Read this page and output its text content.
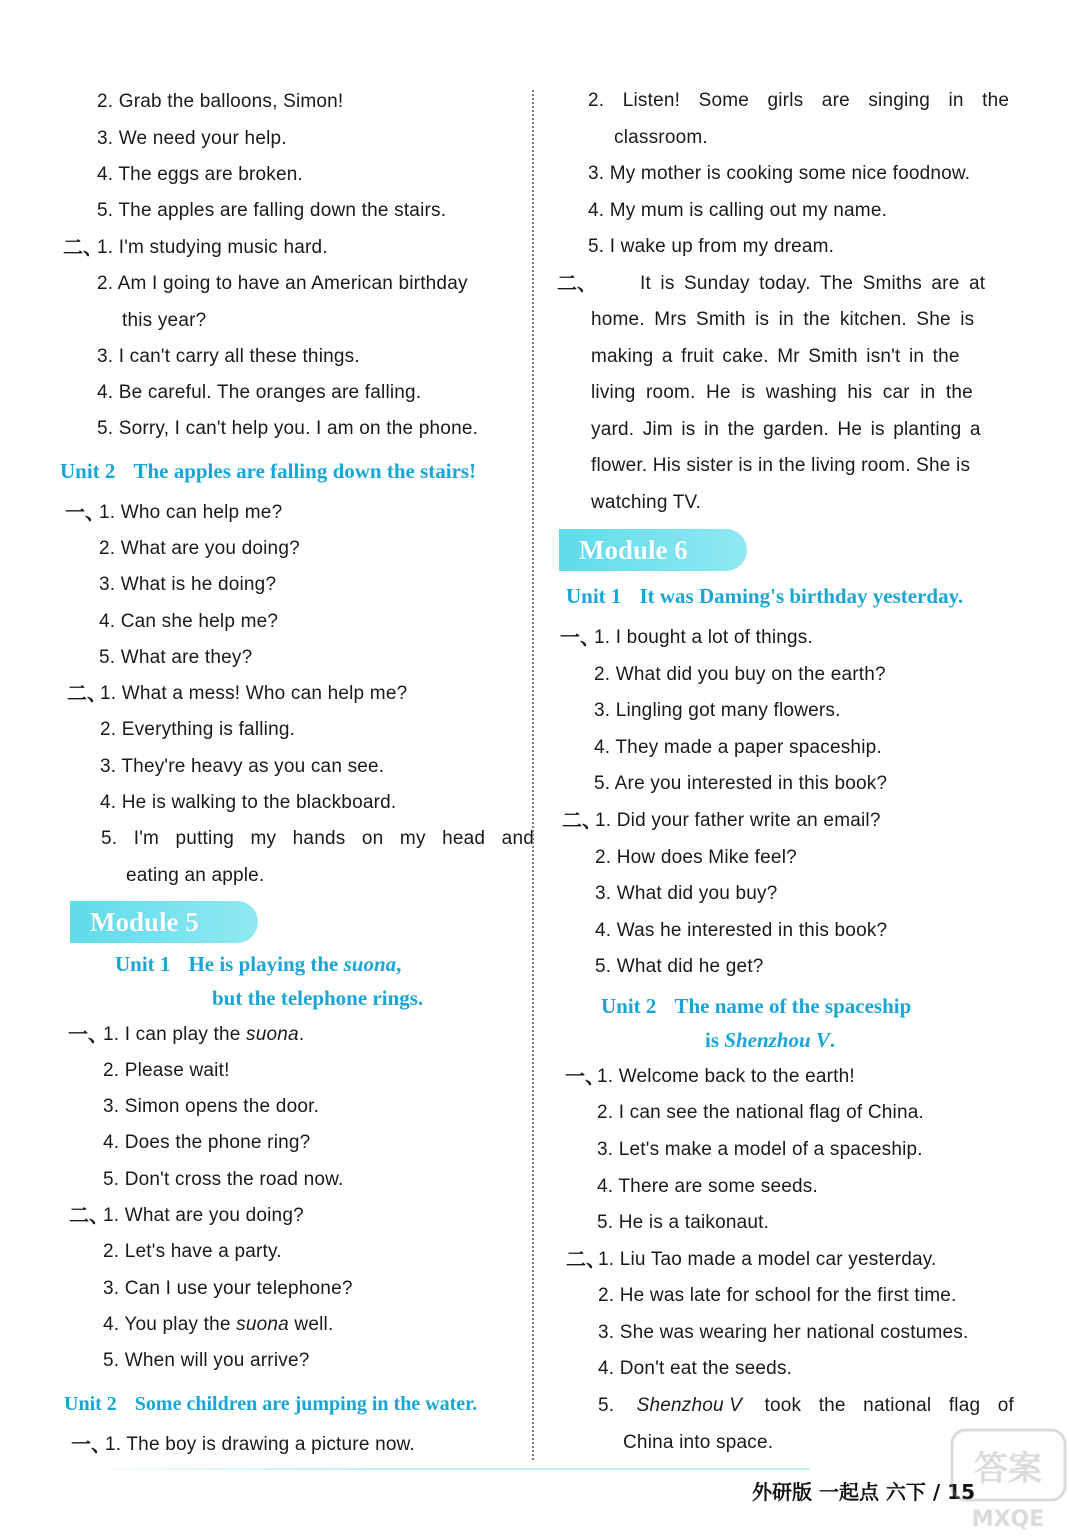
2. Grab the balloons, Simon!
3. We need your help.
4. The eggs are broken.
5. The apples are falling down the stairs.
二、
1. I'm studying music hard.
2. Am I going to have an American birthday
this year?
3. I can't carry all these things.
4. Be careful. The oranges are falling.
5. Sorry, I can't help you. I am on the phone.
Unit 2 The apples are falling down the stairs!
一、
1. Who can help me?
2. What are you doing?
3. What is he doing?
4. Can she help me?
5. What are they?
二、
1. What a mess! Who can help me?
2. Everything is falling.
3. They're heavy as you can see.
4. He is walking to the blackboard.
5. I'm putting my hands on my head and
eating an apple.
Module 5
Unit 1 He is playing the suona,
but the telephone rings.
一、
1. I can play the suona.
2. Please wait!
3. Simon opens the door.
4. Does the phone ring?
5. Don't cross the road now.
二、
1. What are you doing?
2. Let's have a party.
3. Can I use your telephone?
4. You play the suona well.
5. When will you arrive?
Unit 2 Some children are jumping in the water.
一、
1. The boy is drawing a picture now.
2. Listen! Some girls are singing in the
classroom.
3. My mother is cooking some nice foodnow.
4. My mum is calling out my name.
5. I wake up from my dream.
二、 It is Sunday today. The Smiths are at
home. Mrs Smith is in the kitchen. She is
making a fruit cake. Mr Smith isn't in the
living room. He is washing his car in the
yard. Jim is in the garden. He is planting a
flower. His sister is in the living room. She is
watching TV.
Module 6
Unit 1 It was Daming's birthday yesterday.
一、
1. I bought a lot of things.
2. What did you buy on the earth?
3. Lingling got many flowers.
4. They made a paper spaceship.
5. Are you interested in this book?
二、
1. Did your father write an email?
2. How does Mike feel?
3. What did you buy?
4. Was he interested in this book?
5. What did he get?
Unit 2 The name of the spaceship
is Shenzhou V.
一、
1. Welcome back to the earth!
2. I can see the national flag of China.
3. Let's make a model of a spaceship.
4. There are some seeds.
5. He is a taikonaut.
二、
1. Liu Tao made a model car yesterday.
2. He was late for school for the first time.
3. She was wearing her national costumes.
4. Don't eat the seeds.
5. Shenzhou V took the national flag of
China into space.
外研版 一起点 六下 / 15
答案
MXQE
